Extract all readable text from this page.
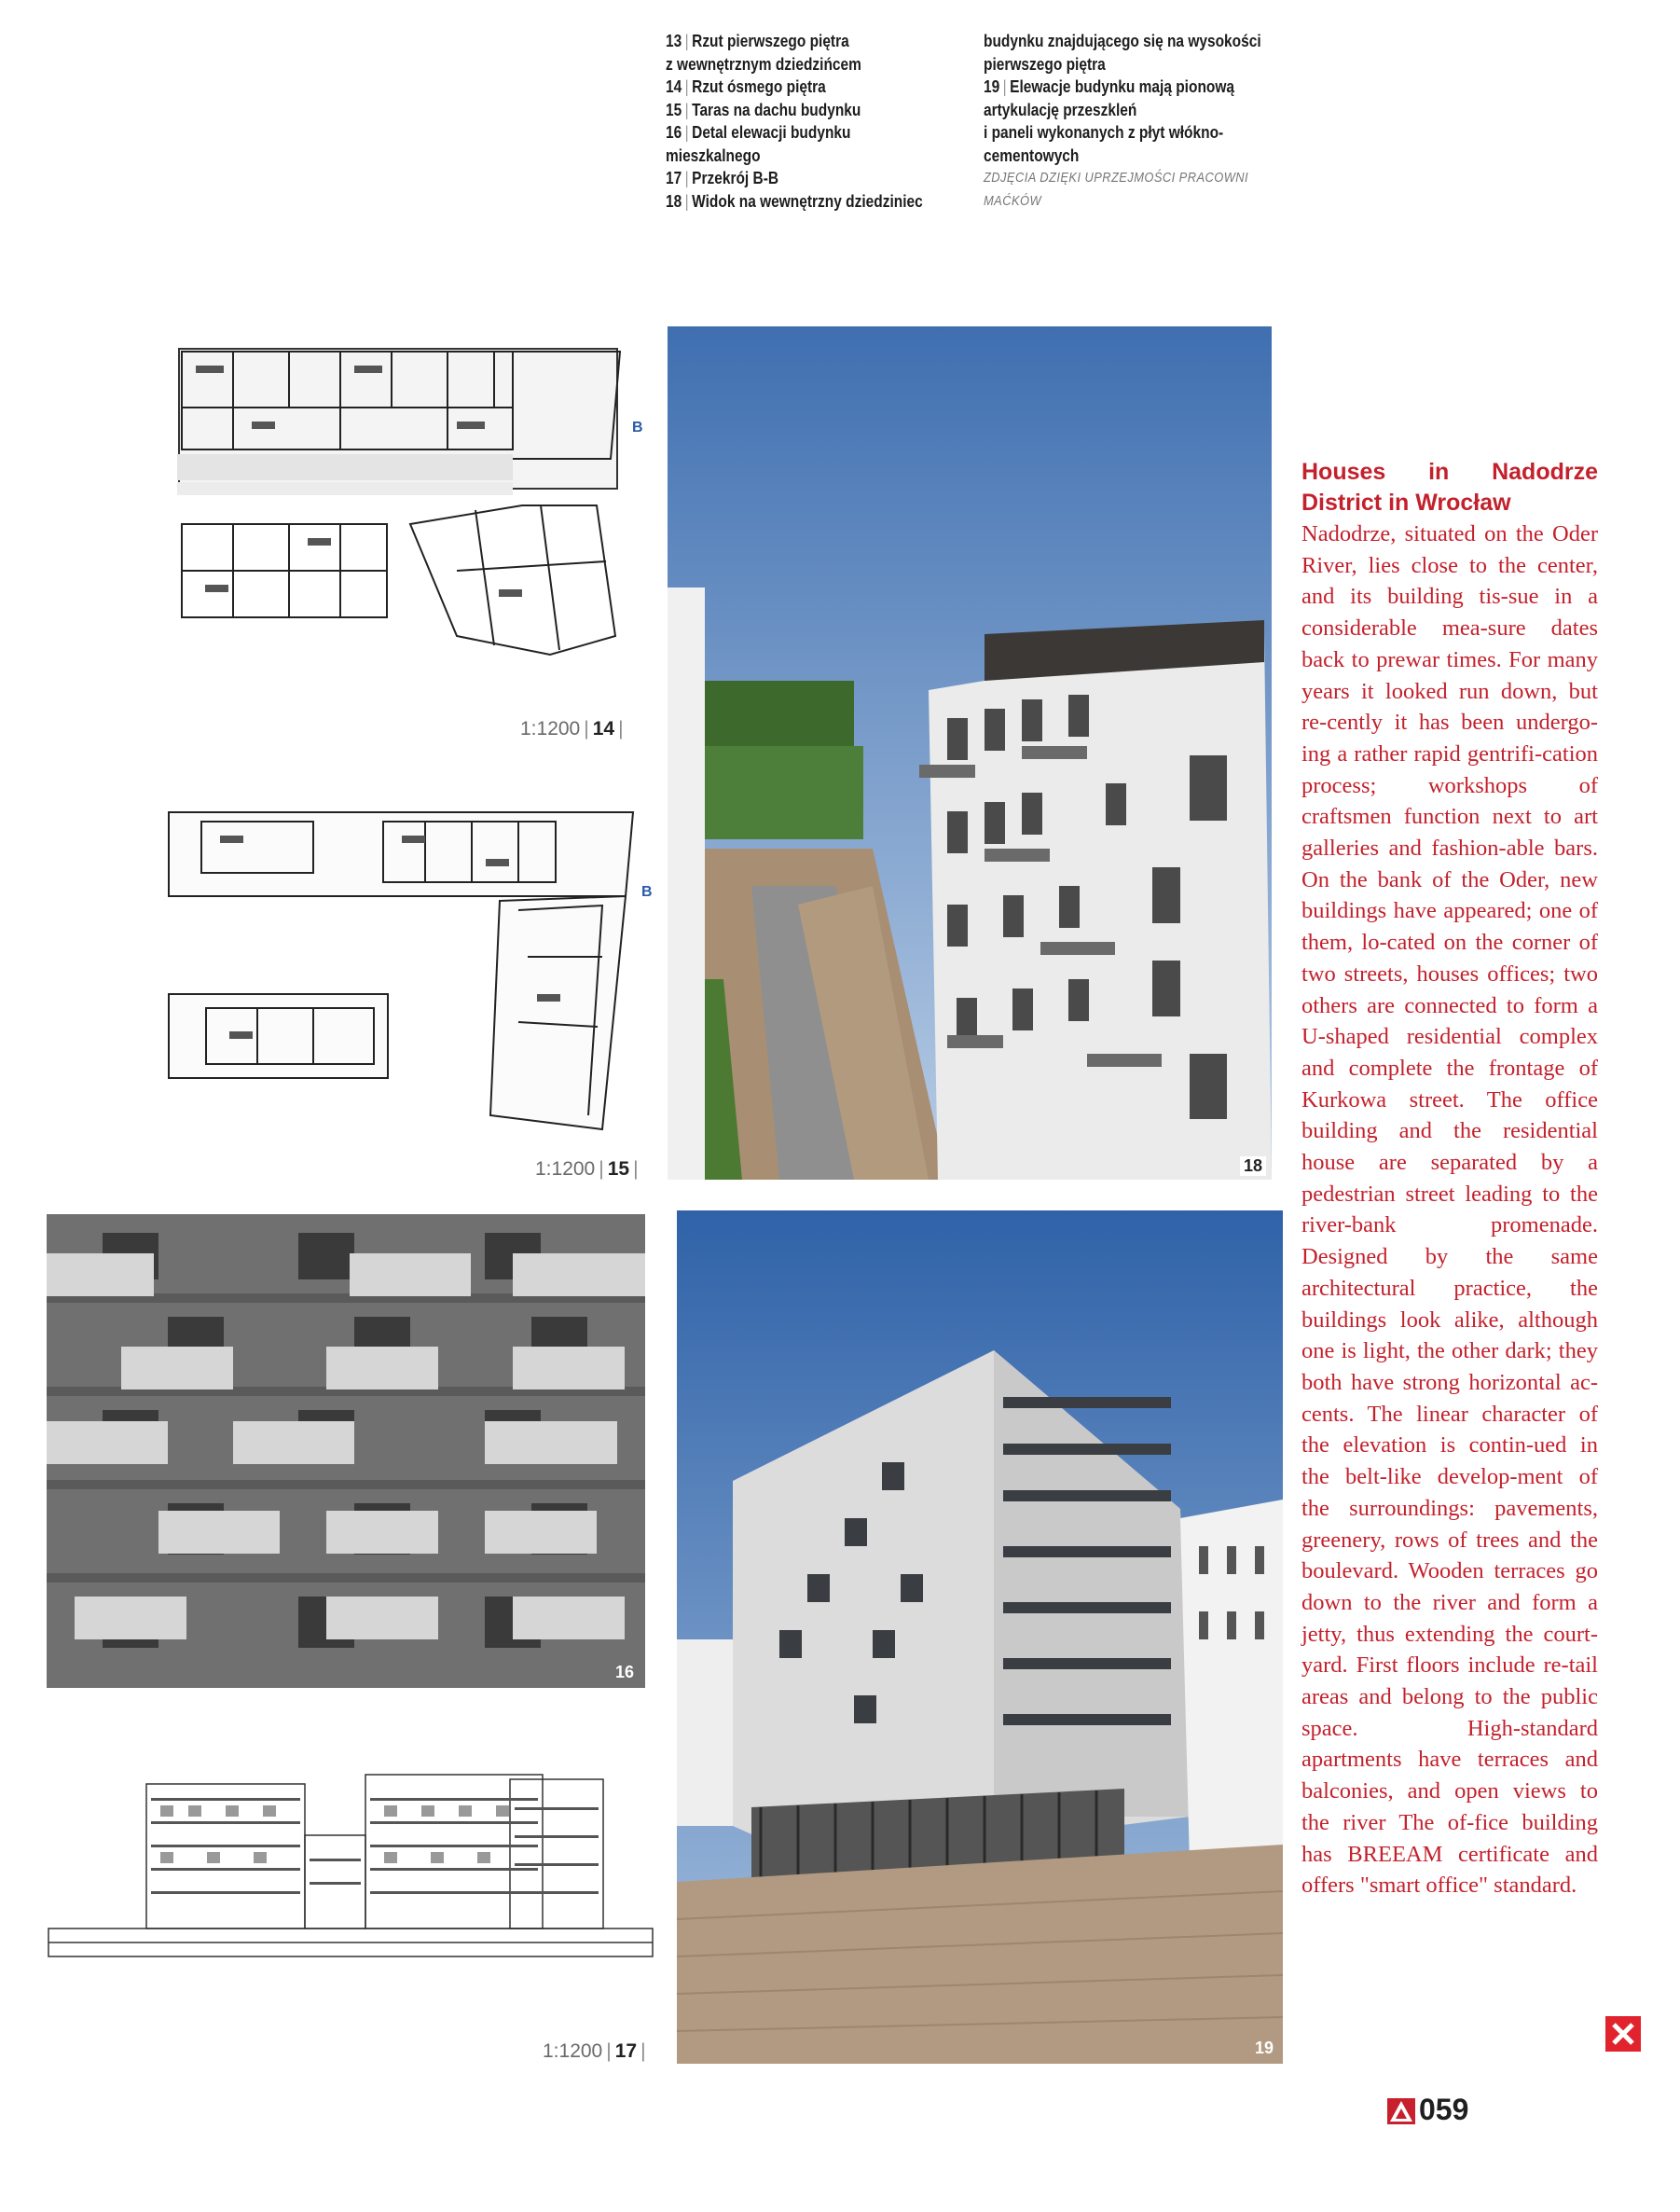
13 | Rzut pierwszego piętra
z wewnętrznym dziedzińcem
14 | Rzut ósmego piętra
15 | Taras na dachu budynku
16 | Detal elewacji budynku
mieszkalnego
17 | Przekrój B-B
18 | Widok na wewnętrzny dziedziniec
budynku znajdującego się na wysokości
pierwszego piętra
19 | Elewacje budynku mają pionową
artykulację przeszkleń
i paneli wykonanych z płyt włókno-
cementowych
ZDJĘCIA DZIĘKI UPRZEJMOŚCI PRACOWNI
MAĆKÓW
B
1:1200 | 14 |
B
1:1200 | 15 |
16
1:1200 | 17 |
18
19
Houses in Nadodrze
District in Wrocław
Nadodrze, situated on the Oder River, lies close to the center, and its building tis-sue in a considerable mea-sure dates back to prewar times. For many years it looked run down, but re-cently it has been undergo-ing a rather rapid gentrifi-cation process; workshops of craftsmen function next to art galleries and fashion-able bars. On the bank of the Oder, new buildings have appeared; one of them, lo-cated on the corner of two streets, houses offices; two others are connected to form a U-shaped residential complex and complete the frontage of Kurkowa street. The office building and the residential house are separated by a pedestrian street leading to the river-bank promenade. Designed by the same architectural practice, the buildings look alike, although one is light, the other dark; they both have strong horizontal ac-cents. The linear character of the elevation is contin-ued in the belt-like develop-ment of the surroundings: pavements, greenery, rows of trees and the boulevard. Wooden terraces go down to the river and form a jetty, thus extending the court-yard. First floors include re-tail areas and belong to the public space. High-standard apartments have terraces and balconies, and open views to the river The of-fice building has BREEAM certificate and offers "smart office" standard.
059
